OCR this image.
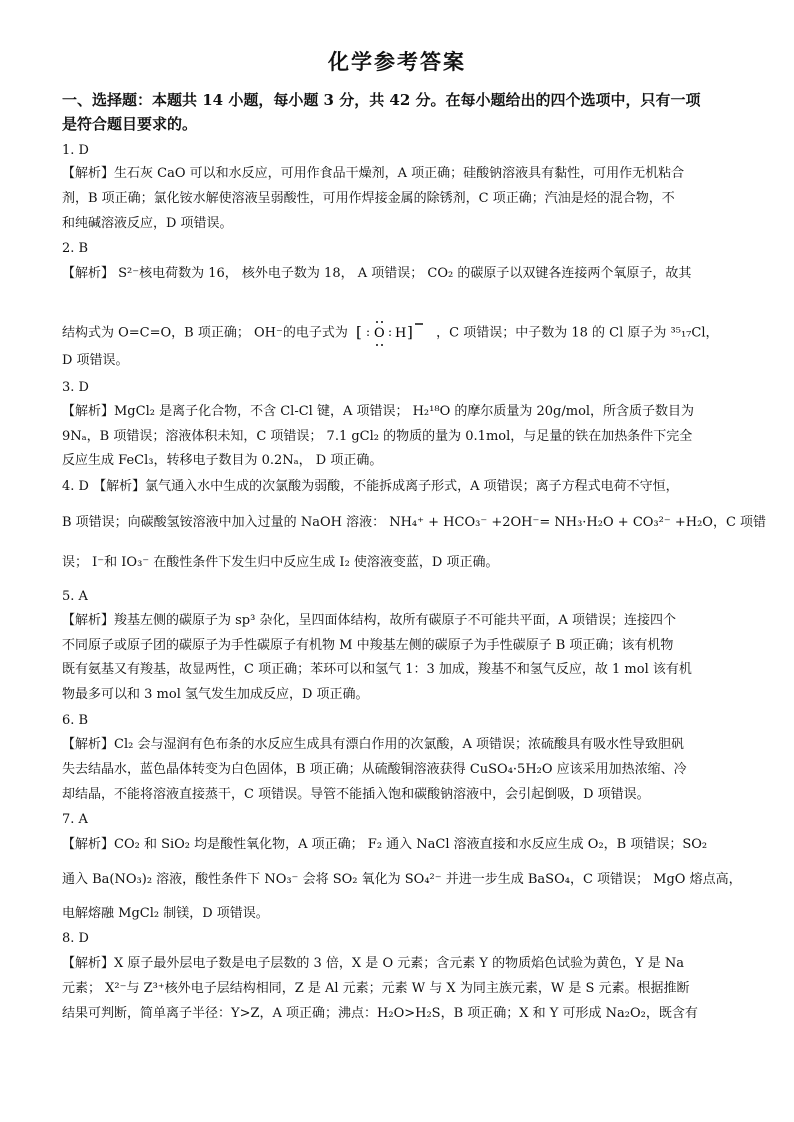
化学参考答案
一、选择题：本题共 14 小题，每小题 3 分，共 42 分。在每小题给出的四个选项中，只有一项
是符合题目要求的。
1. D
【解析】生石灰 CaO 可以和水反应，可用作食品干燥剂，A 项正确；硅酸钠溶液具有黏性，可用作无机粘合
剂，B 项正确；氯化铵水解使溶液呈弱酸性，可用作焊接金属的除锈剂，C 项正确；汽油是烃的混合物，不
和纯碱溶液反应，D 项错误。
2. B
【解析】 S²⁻核电荷数为 16， 核外电子数为 18， A 项错误； CO₂ 的碳原子以双键各连接两个氧原子，故其
结构式为 O=C=O，B 项正确； OH⁻的电子式为 [ : O : H ] ，C 项错误；中子数为 18 的 Cl 原子为 ³⁵₁₇Cl，
D 项错误。
3. D
【解析】MgCl₂ 是离子化合物，不含 Cl-Cl 键，A 项错误； H₂¹⁸O 的摩尔质量为 20g/mol，所含质子数目为
9Nₐ，B 项错误；溶液体积未知，C 项错误； 7.1 gCl₂ 的物质的量为 0.1mol，与足量的铁在加热条件下完全
反应生成 FeCl₃，转移电子数目为 0.2Nₐ， D 项正确。
4. D 【解析】氯气通入水中生成的次氯酸为弱酸，不能拆成离子形式，A 项错误；离子方程式电荷不守恒，
B 项错误；向碳酸氢铵溶液中加入过量的 NaOH 溶液： NH₄⁺ + HCO₃⁻ +2OH⁻= NH₃·H₂O + CO₃²⁻ +H₂O，C 项错
误； I⁻和 IO₃⁻ 在酸性条件下发生归中反应生成 I₂ 使溶液变蓝，D 项正确。
5. A
【解析】羧基左侧的碳原子为 sp³ 杂化，呈四面体结构，故所有碳原子不可能共平面，A 项错误；连接四个
不同原子或原子团的碳原子为手性碳原子有机物 M 中羧基左侧的碳原子为手性碳原子 B 项正确；该有机物
既有氨基又有羧基，故显两性，C 项正确；苯环可以和氢气 1：3 加成，羧基不和氢气反应，故 1 mol 该有机
物最多可以和 3 mol 氢气发生加成反应，D 项正确。
6. B
【解析】Cl₂ 会与湿润有色布条的水反应生成具有漂白作用的次氯酸，A 项错误；浓硫酸具有吸水性导致胆矾
失去结晶水，蓝色晶体转变为白色固体，B 项正确；从硫酸铜溶液获得 CuSO₄·5H₂O 应该采用加热浓缩、冷
却结晶，不能将溶液直接蒸干，C 项错误。导管不能插入饱和碳酸钠溶液中，会引起倒吸，D 项错误。
7. A
【解析】CO₂ 和 SiO₂ 均是酸性氧化物，A 项正确； F₂ 通入 NaCl 溶液直接和水反应生成 O₂，B 项错误；SO₂
通入 Ba(NO₃)₂ 溶液，酸性条件下 NO₃⁻ 会将 SO₂ 氧化为 SO₄²⁻ 并进一步生成 BaSO₄，C 项错误； MgO 熔点高，
电解熔融 MgCl₂ 制镁，D 项错误。
8. D
【解析】X 原子最外层电子数是电子层数的 3 倍，X 是 O 元素；含元素 Y 的物质焰色试验为黄色，Y 是 Na
元素； X²⁻与 Z³⁺核外电子层结构相同，Z 是 Al 元素；元素 W 与 X 为同主族元素，W 是 S 元素。根据推断
结果可判断，简单离子半径：Y>Z，A 项正确；沸点：H₂O>H₂S，B 项正确；X 和 Y 可形成 Na₂O₂，既含有
